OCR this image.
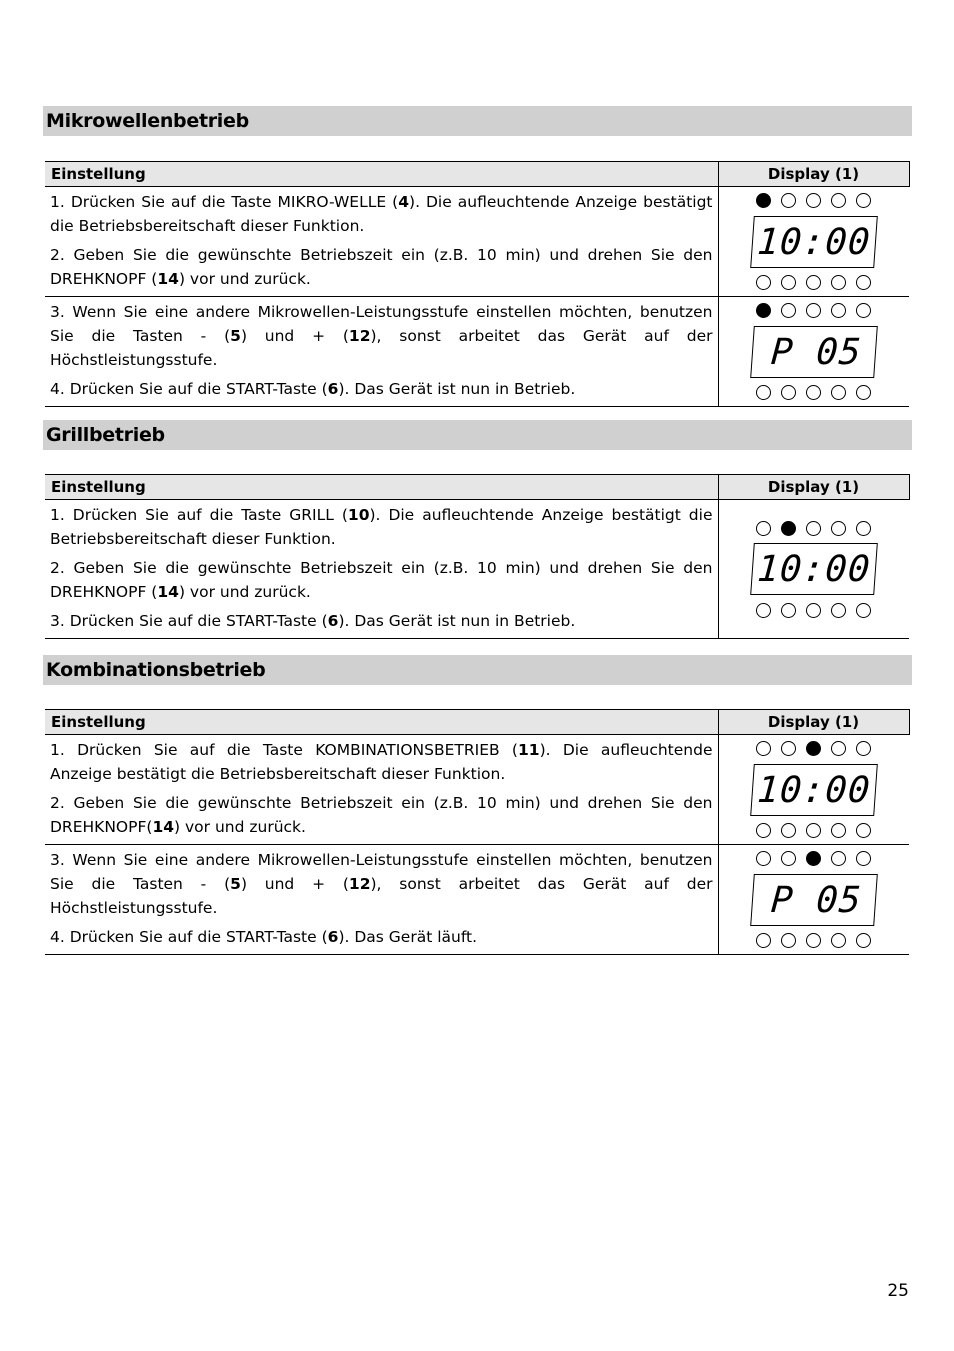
Mikrowellenbetrieb
Einstellung	Display (1)

1. Drücken Sie auf die Taste MIKRO-WELLE (4). Die aufleuchtende Anzeige bestätigt die Betriebsbereitschaft dieser Funktion.

2. Geben Sie die gewünschte Betriebszeit ein (z.B. 10 min) und drehen Sie den DREHKNOPF (14) vor und zurück.	10:00

3. Wenn Sie eine andere Mikrowellen-Leistungsstufe einstellen möchten, benutzen Sie die Tasten - (5) und + (12), sonst arbeitet das Gerät auf der Höchstleistungsstufe.

4. Drücken Sie auf die START-Taste (6). Das Gerät ist nun in Betrieb.	P 05
Grillbetrieb
Einstellung	Display (1)

1. Drücken Sie auf die Taste GRILL (10). Die aufleuchtende Anzeige bestätigt die Betriebsbereitschaft dieser Funktion.

2. Geben Sie die gewünschte Betriebszeit ein (z.B. 10 min) und drehen Sie den DREHKNOPF (14) vor und zurück.

3. Drücken Sie auf die START-Taste (6). Das Gerät ist nun in Betrieb.	10:00
Kombinationsbetrieb
Einstellung	Display (1)

1. Drücken Sie auf die Taste KOMBINATIONSBETRIEB (11). Die aufleuchtende Anzeige bestätigt die Betriebsbereitschaft dieser Funktion.

2. Geben Sie die gewünschte Betriebszeit ein (z.B. 10 min) und drehen Sie den DREHKNOPF(14) vor und zurück.	10:00

3. Wenn Sie eine andere Mikrowellen-Leistungsstufe einstellen möchten, benutzen Sie die Tasten - (5) und + (12), sonst arbeitet das Gerät auf der Höchstleistungsstufe.

4. Drücken Sie auf die START-Taste (6). Das Gerät läuft.	P 05
25
